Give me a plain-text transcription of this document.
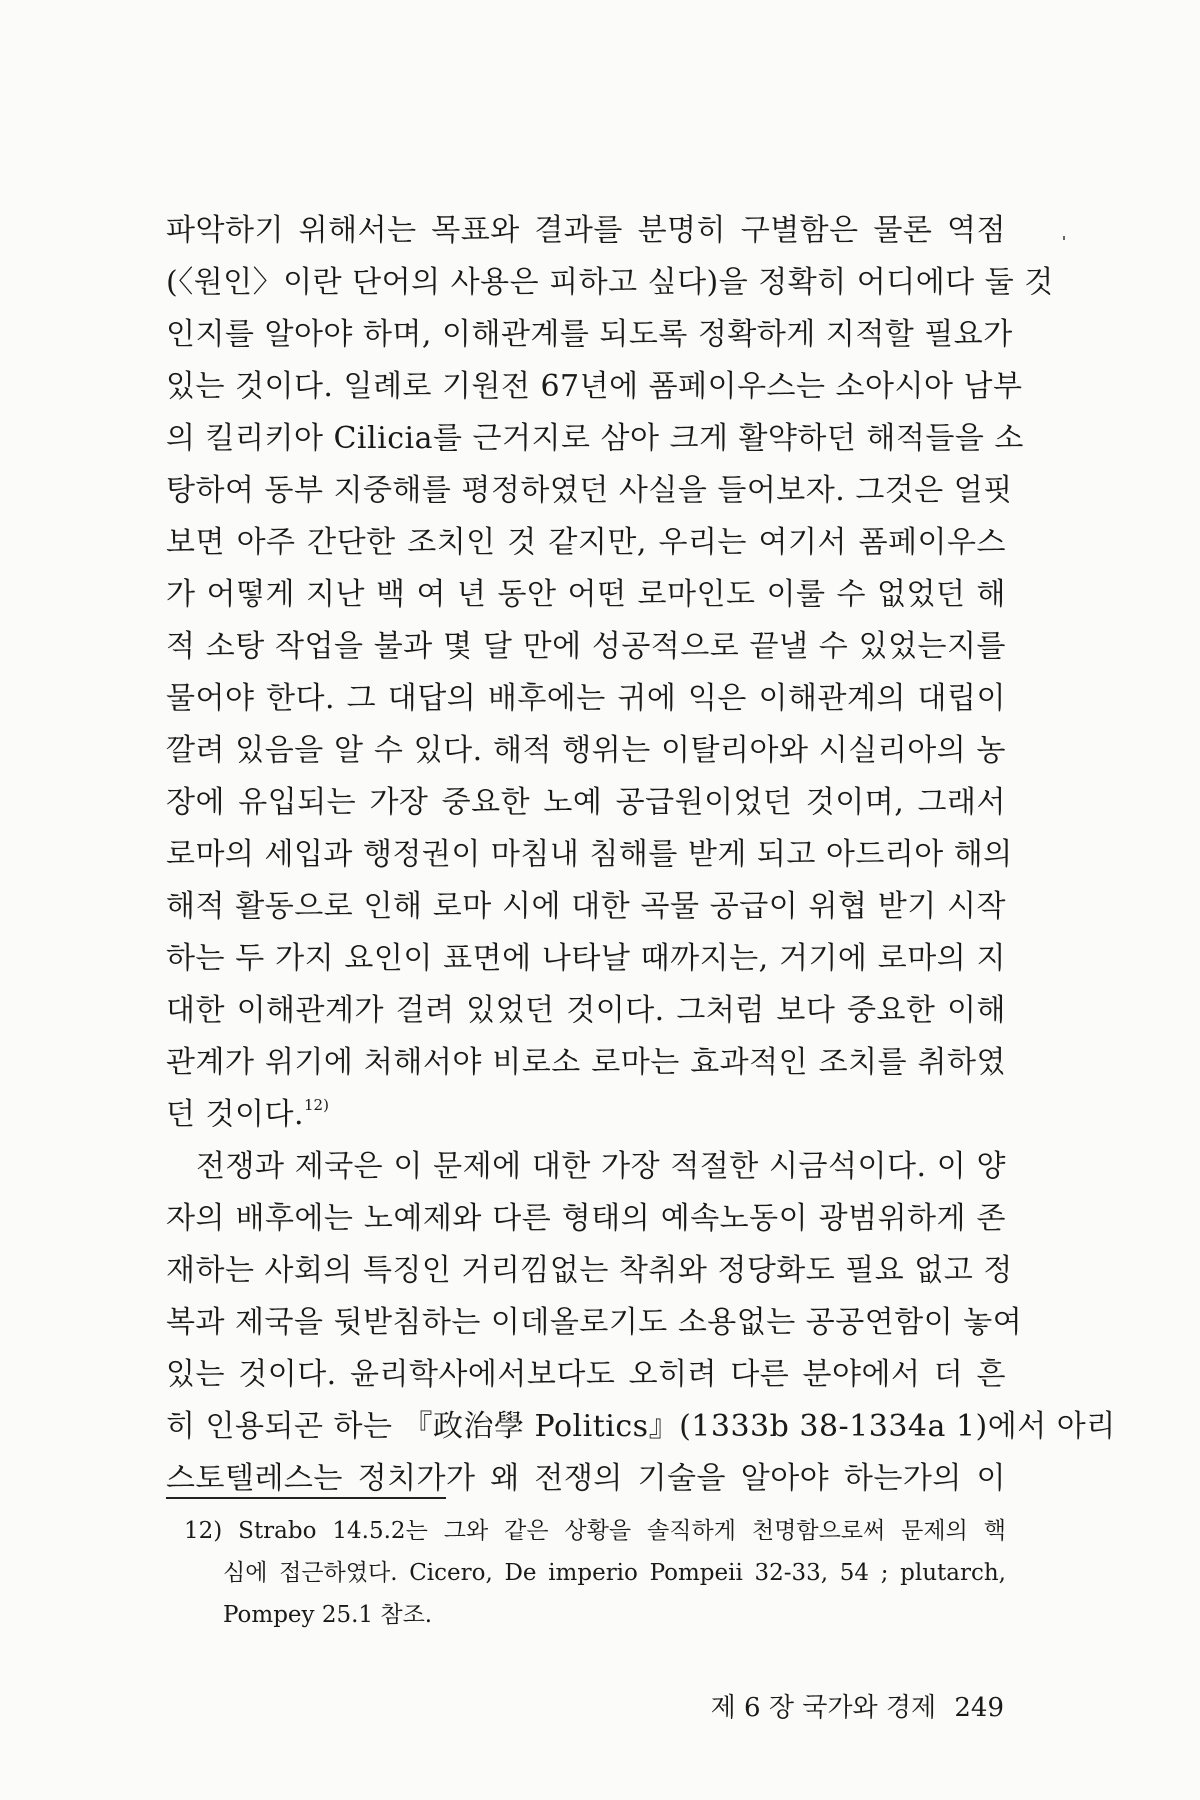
파악하기 위해서는 목표와 결과를 분명히 구별함은 물론 역점
(〈원인〉이란 단어의 사용은 피하고 싶다)을 정확히 어디에다 둘 것
인지를 알아야 하며, 이해관계를 되도록 정확하게 지적할 필요가
있는 것이다. 일례로 기원전 67년에 폼페이우스는 소아시아 남부
의 킬리키아 Cilicia를 근거지로 삼아 크게 활약하던 해적들을 소
탕하여 동부 지중해를 평정하였던 사실을 들어보자. 그것은 얼핏
보면 아주 간단한 조치인 것 같지만, 우리는 여기서 폼페이우스
가 어떻게 지난 백 여 년 동안 어떤 로마인도 이룰 수 없었던 해
적 소탕 작업을 불과 몇 달 만에 성공적으로 끝낼 수 있었는지를
물어야 한다. 그 대답의 배후에는 귀에 익은 이해관계의 대립이
깔려 있음을 알 수 있다. 해적 행위는 이탈리아와 시실리아의 농
장에 유입되는 가장 중요한 노예 공급원이었던 것이며, 그래서
로마의 세입과 행정권이 마침내 침해를 받게 되고 아드리아 해의
해적 활동으로 인해 로마 시에 대한 곡물 공급이 위협 받기 시작
하는 두 가지 요인이 표면에 나타날 때까지는, 거기에 로마의 지
대한 이해관계가 걸려 있었던 것이다. 그처럼 보다 중요한 이해
관계가 위기에 처해서야 비로소 로마는 효과적인 조치를 취하였
던 것이다.$^{12)}$
전쟁과 제국은 이 문제에 대한 가장 적절한 시금석이다. 이 양
자의 배후에는 노예제와 다른 형태의 예속노동이 광범위하게 존
재하는 사회의 특징인 거리낌없는 착취와 정당화도 필요 없고 정
복과 제국을 뒷받침하는 이데올로기도 소용없는 공공연함이 놓여
있는 것이다. 윤리학사에서보다도 오히려 다른 분야에서 더 흔
히 인용되곤 하는 『政治學 Politics』(1333b 38-1334a 1)에서 아리
스토텔레스는 정치가가 왜 전쟁의 기술을 알아야 하는가의 이
12) Strabo 14.5.2는 그와 같은 상황을 솔직하게 천명함으로써 문제의 핵
심에 접근하였다. Cicero, De imperio Pompeii 32-33, 54 ; plutarch,
Pompey 25.1 참조.
제 6 장 국가와 경제 249
